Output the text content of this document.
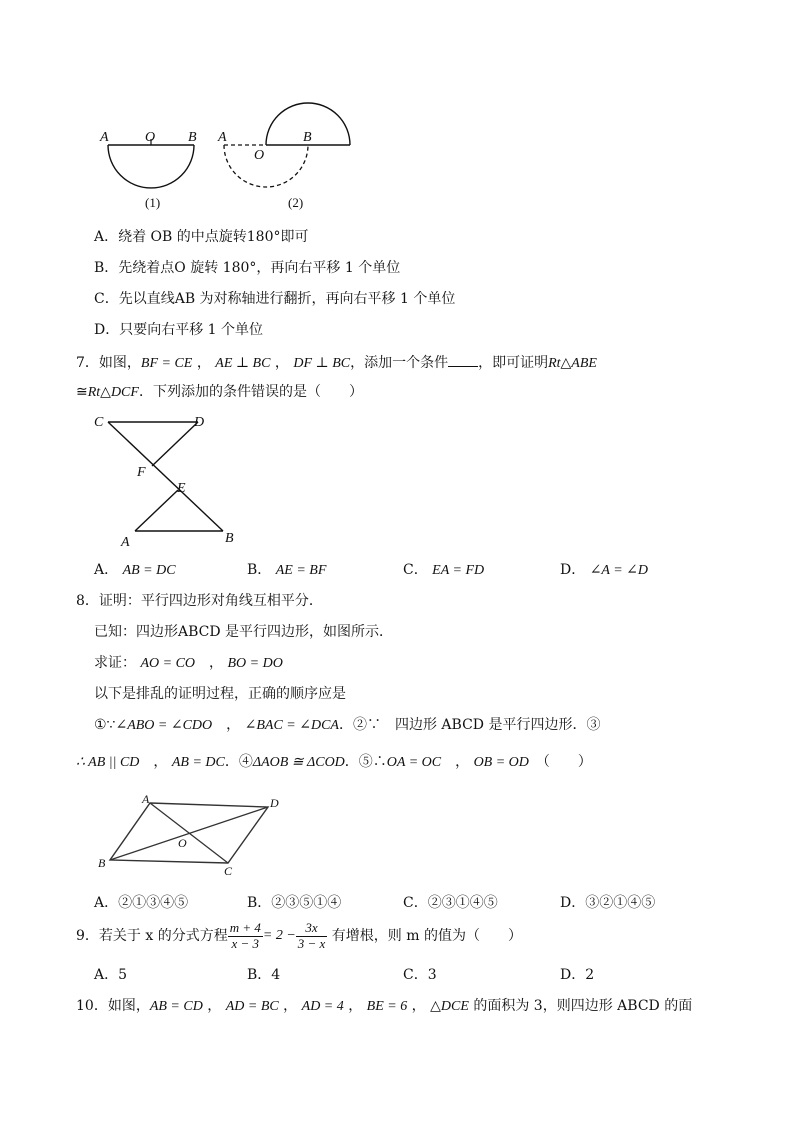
A	O B
(1)
A
O
B
(2)
A．绕着 OB 的中点旋转180°即可
B．先绕着点O 旋转 180°，再向右平移 1 个单位
C．先以直线AB 为对称轴进行翻折，再向右平移 1 个单位
D．只要向右平移 1 个单位
7．如图，BF = CE ， AE ⊥ BC ， DF ⊥ BC，添加一个条件 ，即可证明Rt△ABE
≅Rt△DCF．下列添加的条件错误的是（　　）
C	D
F
E
A	B
A． AB = DC	B． AE = BF	C． EA = FD	D． ∠A = ∠D
8．证明：平行四边形对角线互相平分．
已知：四边形ABCD 是平行四边形，如图所示．
求证： AO = CO　， BO = DO
以下是排乱的证明过程，正确的顺序应是
①∵∠ABO = ∠CDO　， ∠BAC = ∠DCA．②∵　四边形 ABCD 是平行四边形．③
∴ AB || CD　， AB = DC．④ΔAOB ≅ ΔCOD．⑤∴OA = OC　， OB = OD　 （　　）
A	D
O
B
C
A．②①③④⑤	B．②③⑤①④	C．②③①④⑤	D．③②①④⑤
9．若关于 x 的分式方程 $\frac{m + 4}{x - 3} = 2 - \frac{3x}{3 - x}$ 有增根，则 m 的值为（　　）
A．5	B．4	C．3	D．2
10．如图，AB = CD ， AD = BC ， AD = 4 ， BE = 6 ， △DCE 的面积为 3，则四边形 ABCD 的面
